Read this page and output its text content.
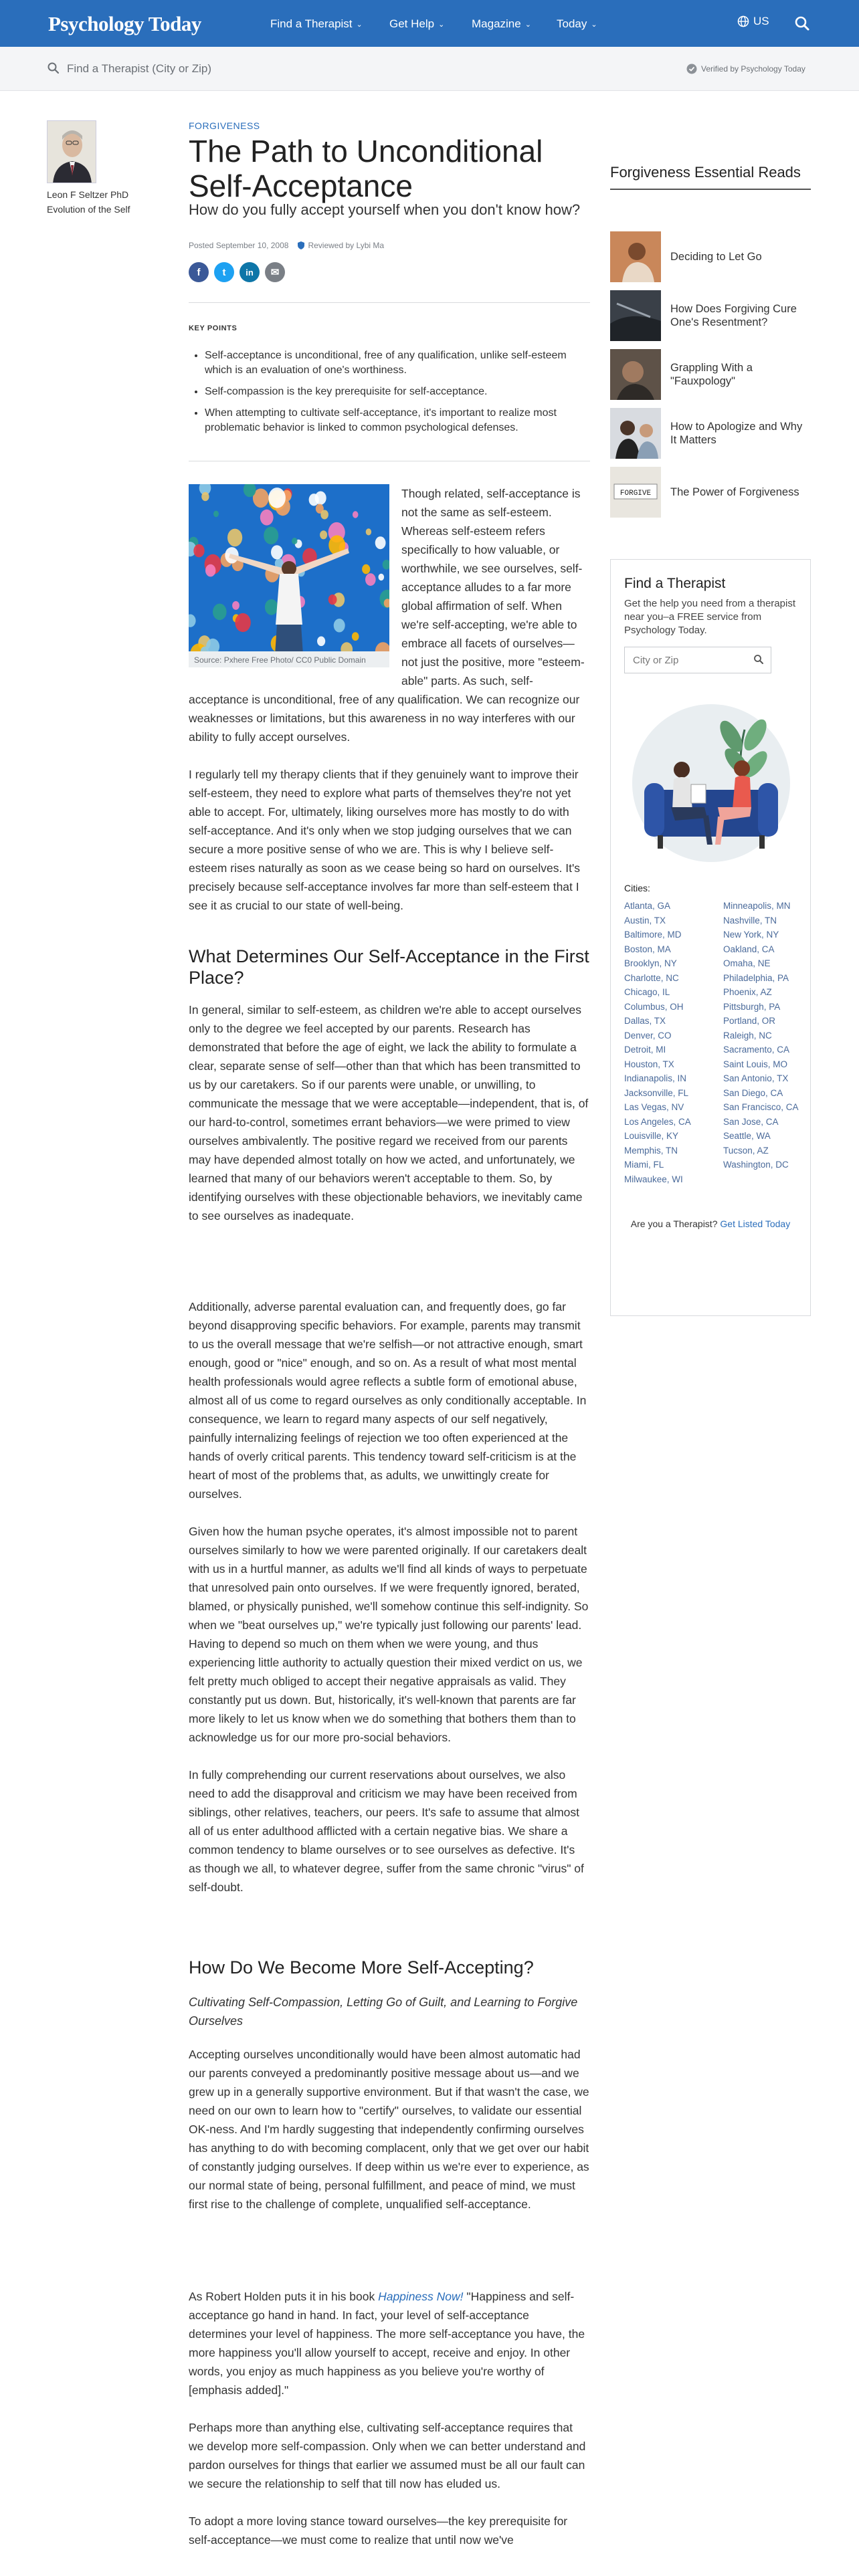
Psychology Today	Find a Therapist ⌄ Get Help ⌄ Magazine ⌄ Today ⌄	US
Find a Therapist (City or Zip)
Verified by Psychology Today
Leon F Seltzer PhD
Evolution of the Self
FORGIVENESS
The Path to Unconditional Self-Acceptance
How do you fully accept yourself when you don't know how?
Posted September 10, 2008 Reviewed by Lybi Ma
f	t	in	✉
KEY POINTS
• Self-acceptance is unconditional, free of any qualification, unlike self-esteem which is an evaluation of one's worthiness.
• Self-compassion is the key prerequisite for self-acceptance.
• When attempting to cultivate self-acceptance, it's important to realize most problematic behavior is linked to common psychological defenses.
Source: Pxhere Free Photo/ CC0 Public Domain

Though related, self-acceptance is not the same as self-esteem. Whereas self-esteem refers specifically to how valuable, or worthwhile, we see ourselves, self-acceptance alludes to a far more global affirmation of self. When we're self-accepting, we're able to embrace all facets of ourselves—not just the positive, more "esteem-able" parts. As such, self-acceptance is unconditional, free of any qualification. We can recognize our weaknesses or limitations, but this awareness in no way interferes with our ability to fully accept ourselves.

I regularly tell my therapy clients that if they genuinely want to improve their self-esteem, they need to explore what parts of themselves they're not yet able to accept. For, ultimately, liking ourselves more has mostly to do with self-acceptance. And it's only when we stop judging ourselves that we can secure a more positive sense of who we are. This is why I believe self-esteem rises naturally as soon as we cease being so hard on ourselves. It's precisely because self-acceptance involves far more than self-esteem that I see it as crucial to our state of well-being.

What Determines Our Self-Acceptance in the First Place?

In general, similar to self-esteem, as children we're able to accept ourselves only to the degree we feel accepted by our parents. Research has demonstrated that before the age of eight, we lack the ability to formulate a clear, separate sense of self—other than that which has been transmitted to us by our caretakers. So if our parents were unable, or unwilling, to communicate the message that we were acceptable—independent, that is, of our hard-to-control, sometimes errant behaviors—we were primed to view ourselves ambivalently. The positive regard we received from our parents may have depended almost totally on how we acted, and unfortunately, we learned that many of our behaviors weren't acceptable to them. So, by identifying ourselves with these objectionable behaviors, we inevitably came to see ourselves as inadequate.

Additionally, adverse parental evaluation can, and frequently does, go far beyond disapproving specific behaviors. For example, parents may transmit to us the overall message that we're selfish—or not attractive enough, smart enough, good or "nice" enough, and so on. As a result of what most mental health professionals would agree reflects a subtle form of emotional abuse, almost all of us come to regard ourselves as only conditionally acceptable. In consequence, we learn to regard many aspects of our self negatively, painfully internalizing feelings of rejection we too often experienced at the hands of overly critical parents. This tendency toward self-criticism is at the heart of most of the problems that, as adults, we unwittingly create for ourselves.

Given how the human psyche operates, it's almost impossible not to parent ourselves similarly to how we were parented originally. If our caretakers dealt with us in a hurtful manner, as adults we'll find all kinds of ways to perpetuate that unresolved pain onto ourselves. If we were frequently ignored, berated, blamed, or physically punished, we'll somehow continue this self-indignity. So when we "beat ourselves up," we're typically just following our parents' lead. Having to depend so much on them when we were young, and thus experiencing little authority to actually question their mixed verdict on us, we felt pretty much obliged to accept their negative appraisals as valid. They constantly put us down. But, historically, it's well-known that parents are far more likely to let us know when we do something that bothers them than to acknowledge us for our more pro-social behaviors.

In fully comprehending our current reservations about ourselves, we also need to add the disapproval and criticism we may have been received from siblings, other relatives, teachers, our peers. It's safe to assume that almost all of us enter adulthood afflicted with a certain negative bias. We share a common tendency to blame ourselves or to see ourselves as defective. It's as though we all, to whatever degree, suffer from the same chronic "virus" of self-doubt.

How Do We Become More Self-Accepting?
Cultivating Self-Compassion, Letting Go of Guilt, and Learning to Forgive Ourselves

Accepting ourselves unconditionally would have been almost automatic had our parents conveyed a predominantly positive message about us—and we grew up in a generally supportive environment. But if that wasn't the case, we need on our own to learn how to "certify" ourselves, to validate our essential OK-ness. And I'm hardly suggesting that independently confirming ourselves has anything to do with becoming complacent, only that we get over our habit of constantly judging ourselves. If deep within us we're ever to experience, as our normal state of being, personal fulfillment, and peace of mind, we must first rise to the challenge of complete, unqualified self-acceptance.

As Robert Holden puts it in his book Happiness Now! "Happiness and self-acceptance go hand in hand. In fact, your level of self-acceptance determines your level of happiness. The more self-acceptance you have, the more happiness you'll allow yourself to accept, receive and enjoy. In other words, you enjoy as much happiness as you believe you're worthy of [emphasis added]."

Perhaps more than anything else, cultivating self-acceptance requires that we develop more self-compassion. Only when we can better understand and pardon ourselves for things that earlier we assumed must be all our fault can we secure the relationship to self that till now has eluded us.

To adopt a more loving stance toward ourselves—the key prerequisite for self-acceptance—we must come to realize that until now we've

Forgiveness Essential Reads
Deciding to Let Go
How Does Forgiving Cure One's Resentment?
Grappling With a "Fauxpology"
How to Apologize and Why It Matters
FORGIVE The Power of Forgiveness
Find a Therapist
Get the help you need from a therapist near you–a FREE service from Psychology Today.
City or Zip
Cities:
Atlanta, GA	Minneapolis, MN
Austin, TX	Nashville, TN
Baltimore, MD	New York, NY
Boston, MA	Oakland, CA
Brooklyn, NY	Omaha, NE
Charlotte, NC	Philadelphia, PA
Chicago, IL	Phoenix, AZ
Columbus, OH	Pittsburgh, PA
Dallas, TX	Portland, OR
Denver, CO	Raleigh, NC
Detroit, MI	Sacramento, CA
Houston, TX	Saint Louis, MO
Indianapolis, IN	San Antonio, TX
Jacksonville, FL	San Diego, CA
Las Vegas, NV	San Francisco, CA
Los Angeles, CA	San Jose, CA
Louisville, KY	Seattle, WA
Memphis, TN	Tucson, AZ
Miami, FL	Washington, DC
Milwaukee, WI
Are you a Therapist? Get Listed Today
